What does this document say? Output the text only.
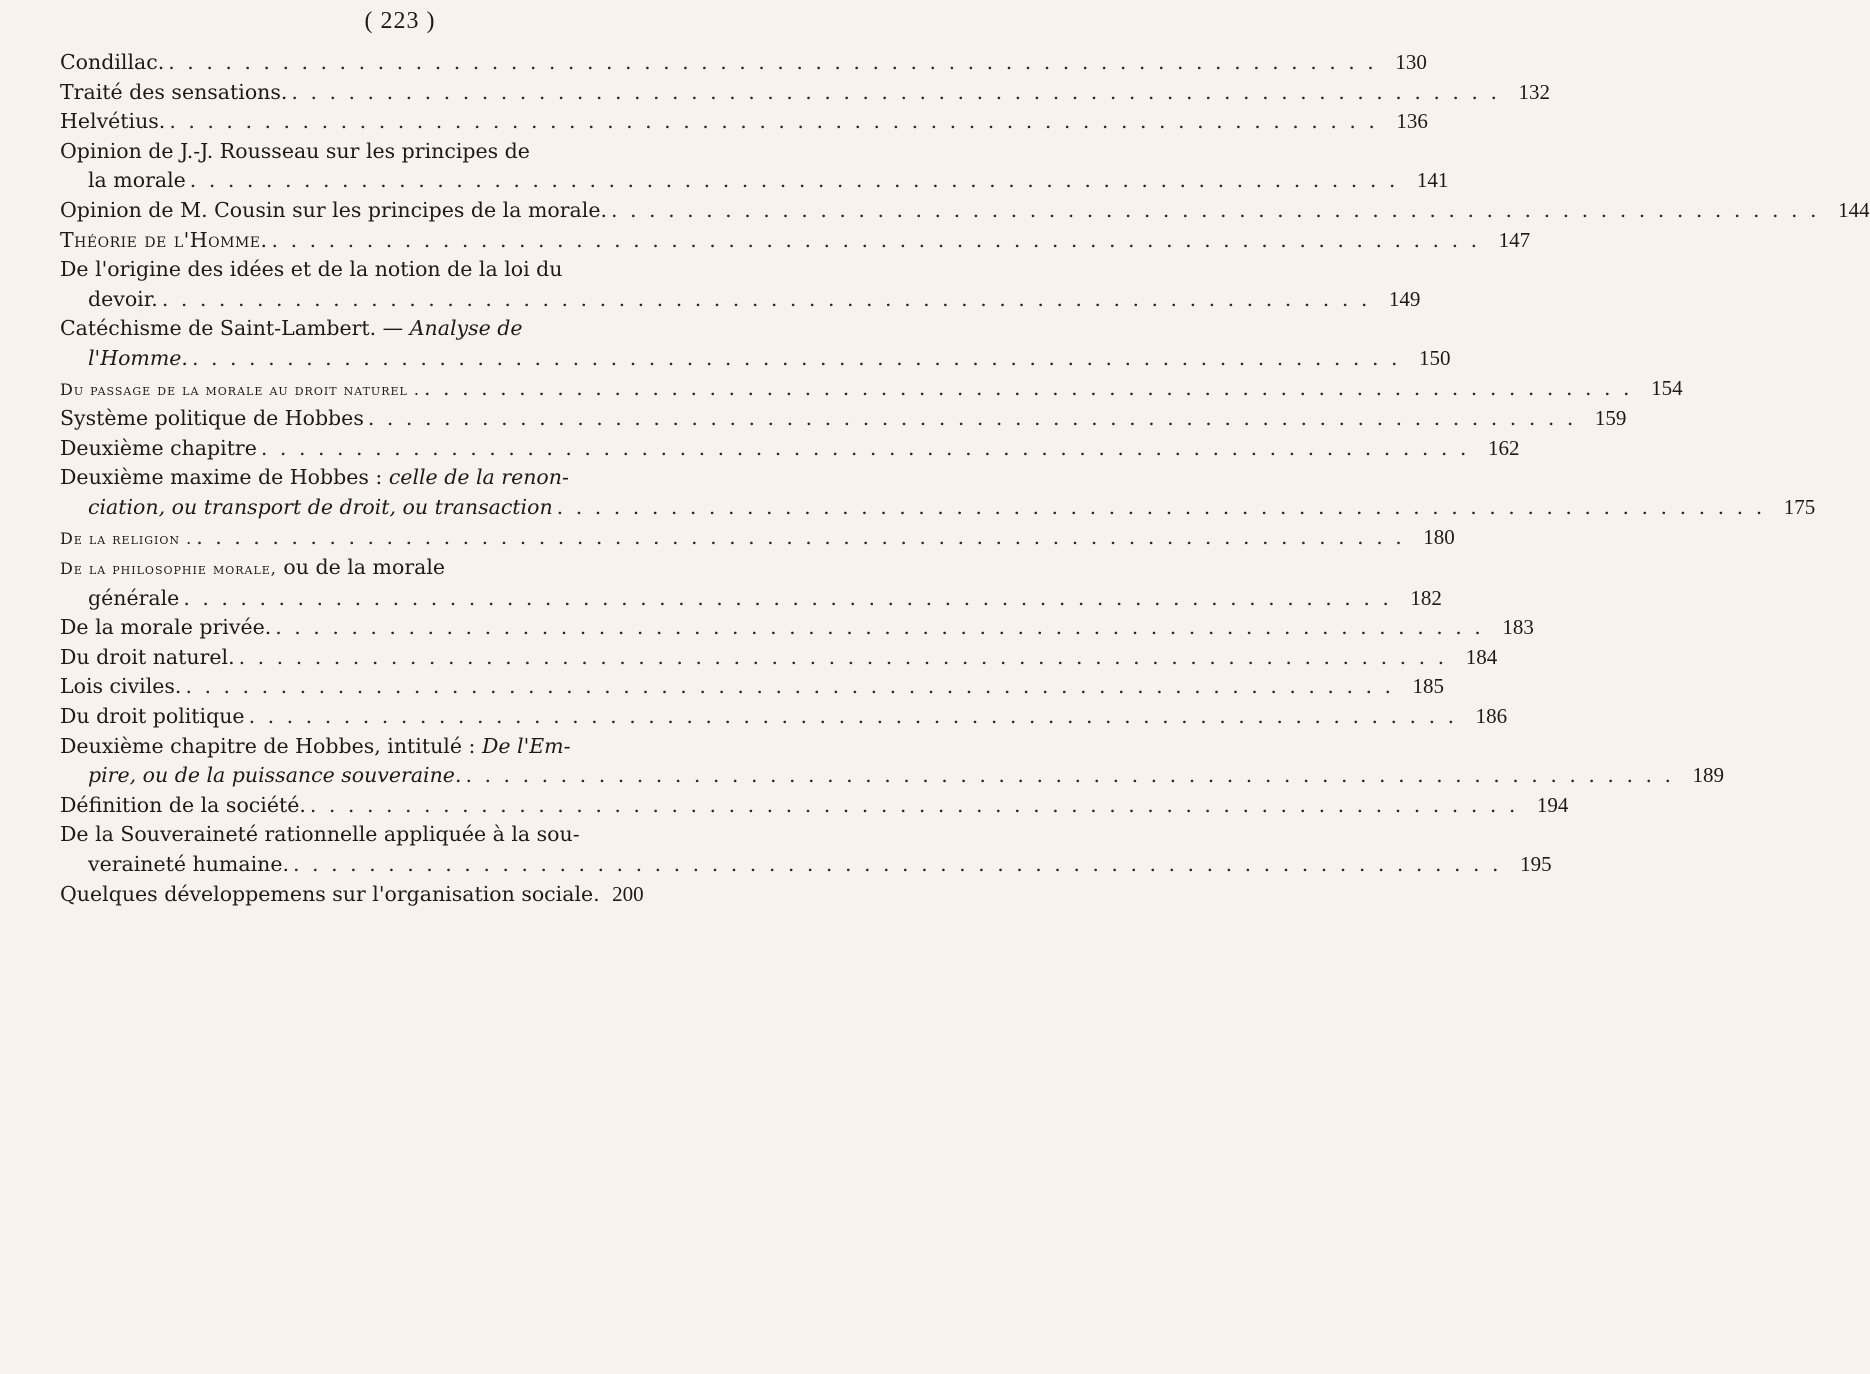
( 223 )
Condillac. . . .	130
Traité des sensations. . . .	132
Helvétius. . . .	136
Opinion de J.-J. Rousseau sur les principes de
la morale . . .	141
Opinion de M. Cousin sur les principes de la morale. . . .	144
Théorie de l'Homme. . . .	147
De l'origine des idées et de la notion de la loi du
devoir. . . .	149
Catéchisme de Saint-Lambert. — Analyse de
l'Homme. . . .	150
Du passage de la morale au droit naturel . . . .	154
Système politique de Hobbes . . .	159
Deuxième chapitre . . .	162
Deuxième maxime de Hobbes : celle de la renon-
ciation, ou transport de droit, ou transaction . . .	175
De la religion . . . .	180
De la philosophie morale, ou de la morale
générale . . .	182
De la morale privée. . . .	183
Du droit naturel. . . .	184
Lois civiles. . . .	185
Du droit politique . . .	186
Deuxième chapitre de Hobbes, intitulé : De l'Em-
pire, ou de la puissance souveraine. . . .	189
Définition de la société. . . .	194
De la Souveraineté rationnelle appliquée à la sou-
veraineté humaine. . . .	195
Quelques développemens sur l'organisation sociale. 200
